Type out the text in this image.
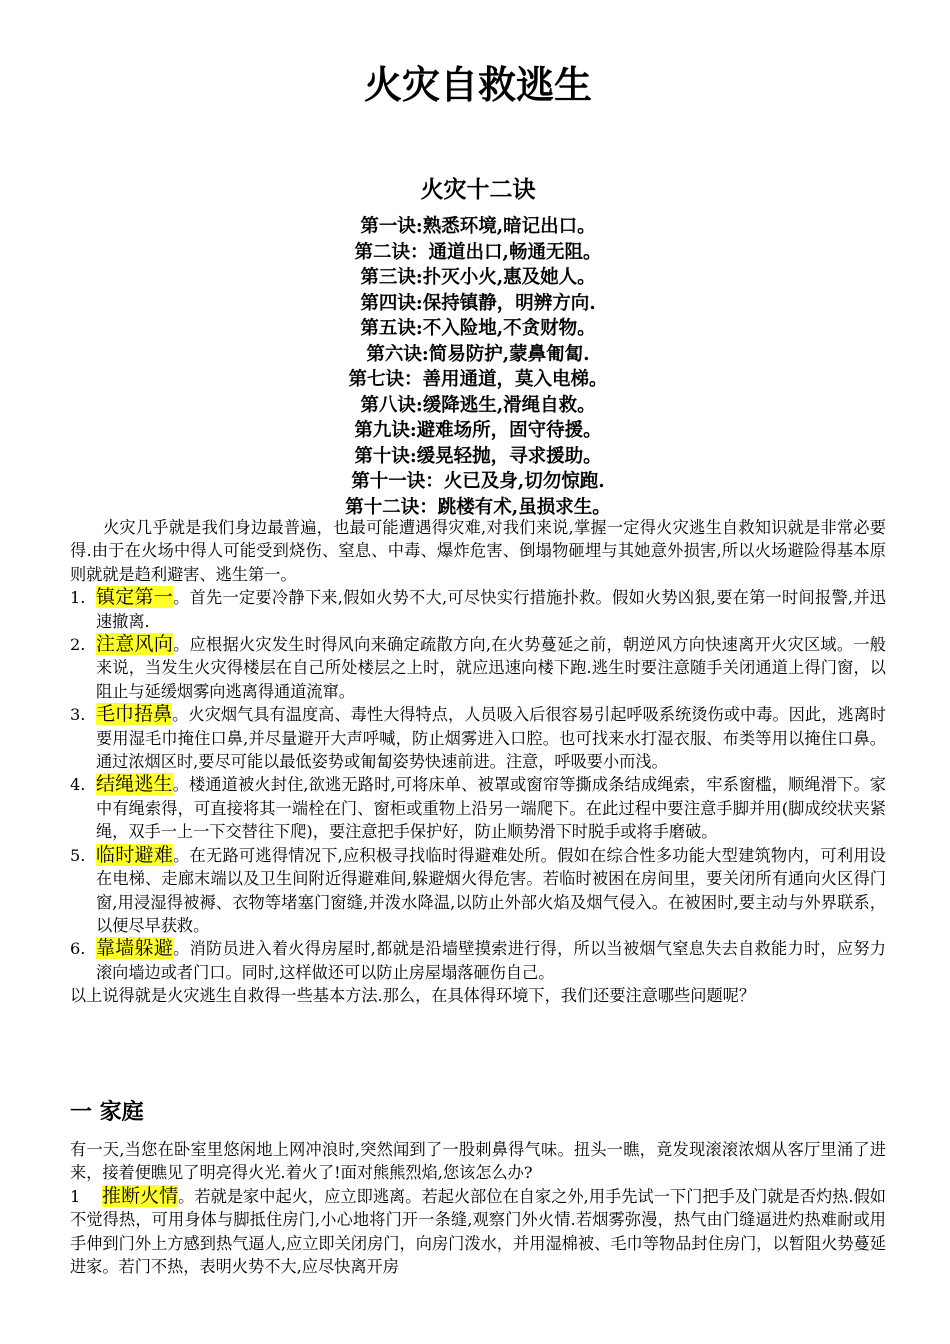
火灾自救逃生
火灾十二诀
第一诀:熟悉环境,暗记出口。
第二诀：通道出口,畅通无阻。
第三诀:扑灭小火,惠及她人。
第四诀:保持镇静，明辨方向.
第五诀:不入险地,不贪财物。
第六诀:简易防护,蒙鼻匍匐.
第七诀：善用通道，莫入电梯。
第八诀:缓降逃生,滑绳自救。
第九诀:避难场所，固守待援。
第十诀:缓晃轻抛，寻求援助。
第十一诀：火已及身,切勿惊跑.
第十二诀：跳楼有术,虽损求生。

火灾几乎就是我们身边最普遍，也最可能遭遇得灾难,对我们来说,掌握一定得火灾逃生自救知识就是非常必要得.由于在火场中得人可能受到烧伤、窒息、中毒、爆炸危害、倒塌物砸埋与其她意外损害,所以火场避险得基本原则就就是趋利避害、逃生第一。

1. 镇定第一。首先一定要冷静下来,假如火势不大,可尽快实行措施扑救。假如火势凶狠,要在第一时间报警,并迅速撤离.
2. 注意风向。应根据火灾发生时得风向来确定疏散方向,在火势蔓延之前，朝逆风方向快速离开火灾区域。一般来说，当发生火灾得楼层在自己所处楼层之上时，就应迅速向楼下跑.逃生时要注意随手关闭通道上得门窗，以阻止与延缓烟雾向逃离得通道流窜。
3. 毛巾捂鼻。火灾烟气具有温度高、毒性大得特点，人员吸入后很容易引起呼吸系统烫伤或中毒。因此，逃离时要用湿毛巾掩住口鼻,并尽量避开大声呼喊，防止烟雾进入口腔。也可找来水打湿衣服、布类等用以掩住口鼻。通过浓烟区时,要尽可能以最低姿势或匍匐姿势快速前进。注意，呼吸要小而浅。
4. 结绳逃生。楼通道被火封住,欲逃无路时,可将床单、被罩或窗帘等撕成条结成绳索，牢系窗槛，顺绳滑下。家中有绳索得，可直接将其一端栓在门、窗柜或重物上沿另一端爬下。在此过程中要注意手脚并用(脚成绞状夹紧绳，双手一上一下交替往下爬)，要注意把手保护好，防止顺势滑下时脱手或将手磨破。
5. 临时避难。在无路可逃得情况下,应积极寻找临时得避难处所。假如在综合性多功能大型建筑物内，可利用设在电梯、走廊末端以及卫生间附近得避难间,躲避烟火得危害。若临时被困在房间里，要关闭所有通向火区得门窗,用浸湿得被褥、衣物等堵塞门窗缝,并泼水降温,以防止外部火焰及烟气侵入。在被困时,要主动与外界联系，以便尽早获救。
6. 靠墙躲避。消防员进入着火得房屋时,都就是沿墙壁摸索进行得，所以当被烟气窒息失去自救能力时，应努力滚向墙边或者门口。同时,这样做还可以防止房屋塌落砸伤自己。

以上说得就是火灾逃生自救得一些基本方法.那么，在具体得环境下，我们还要注意哪些问题呢？

一 家庭

有一天,当您在卧室里悠闲地上网冲浪时,突然闻到了一股刺鼻得气味。扭头一瞧，竟发现滚滚浓烟从客厅里涌了进来，接着便瞧见了明亮得火光.着火了!面对熊熊烈焰,您该怎么办?

1 推断火情。若就是家中起火，应立即逃离。若起火部位在自家之外,用手先试一下门把手及门就是否灼热.假如不觉得热，可用身体与脚抵住房门,小心地将门开一条缝,观察门外火情.若烟雾弥漫，热气由门缝逼进灼热难耐或用手伸到门外上方感到热气逼人,应立即关闭房门，向房门泼水，并用湿棉被、毛巾等物品封住房门，以暂阻火势蔓延进家。若门不热，表明火势不大,应尽快离开房
